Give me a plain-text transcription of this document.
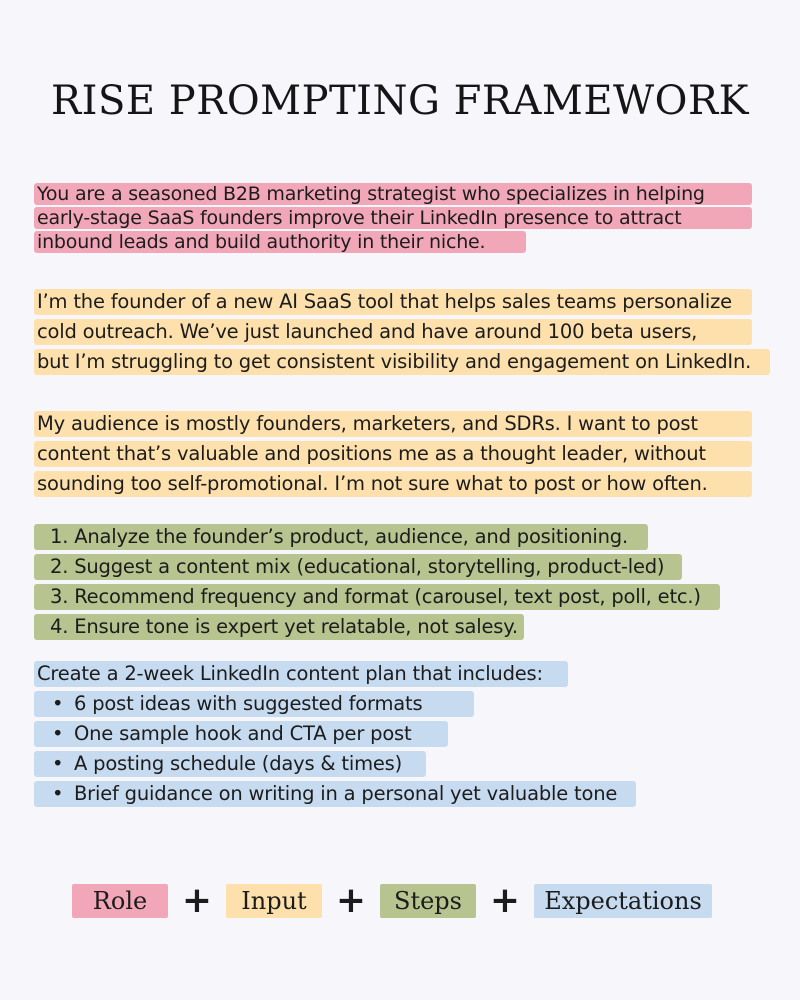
RISE PROMPTING FRAMEWORK
You are a seasoned B2B marketing strategist who specializes in helping
early-stage SaaS founders improve their LinkedIn presence to attract
inbound leads and build authority in their niche.
I’m the founder of a new AI SaaS tool that helps sales teams personalize
cold outreach. We’ve just launched and have around 100 beta users,
but I’m struggling to get consistent visibility and engagement on LinkedIn.
My audience is mostly founders, marketers, and SDRs. I want to post
content that’s valuable and positions me as a thought leader, without
sounding too self-promotional. I’m not sure what to post or how often.
1. Analyze the founder’s product, audience, and positioning.
2. Suggest a content mix (educational, storytelling, product-led)
3. Recommend frequency and format (carousel, text post, poll, etc.)
4. Ensure tone is expert yet relatable, not salesy.
Create a 2-week LinkedIn content plan that includes:
• 6 post ideas with suggested formats
• One sample hook and CTA per post
• A posting schedule (days & times)
• Brief guidance on writing in a personal yet valuable tone
Role +	Input +	Steps +	Expectations
